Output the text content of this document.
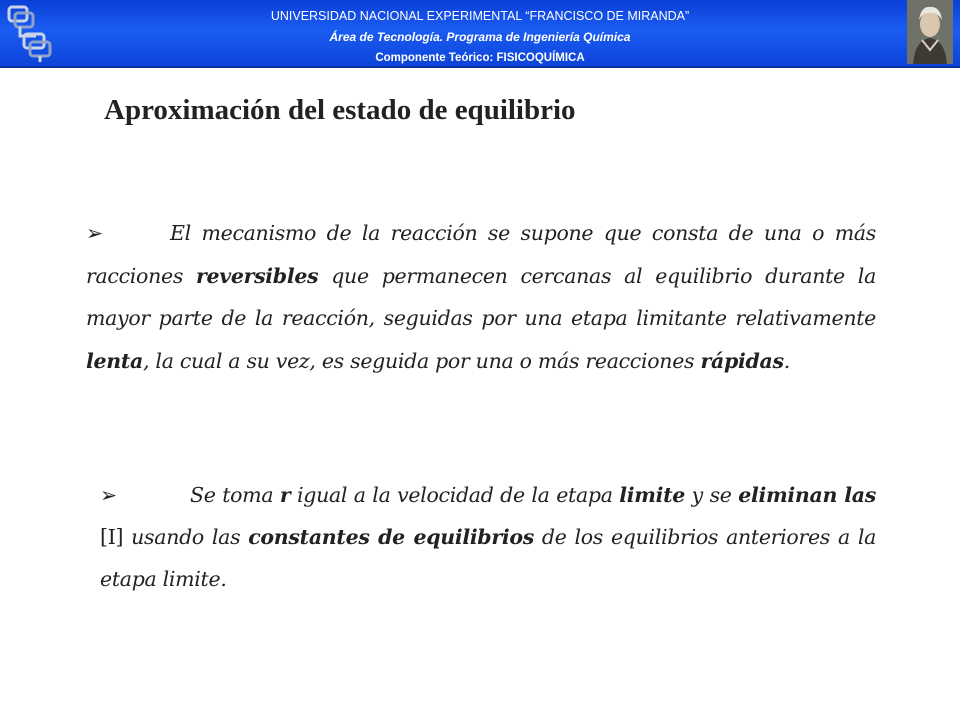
UNIVERSIDAD NACIONAL EXPERIMENTAL “FRANCISCO DE MIRANDA”
Área de Tecnología. Programa de Ingeniería Química
Componente Teórico: FISICOQUÍMICA
Aproximación del estado de equilibrio
➢	El mecanismo de la reacción se supone que consta de una o más racciones reversibles que permanecen cercanas al equilibrio durante la mayor parte de la reacción, seguidas por una etapa limitante relativamente lenta, la cual a su vez, es seguida por una o más reacciones rápidas.
➢	Se toma r igual a la velocidad de la etapa limite y se eliminan las [I] usando las constantes de equilibrios de los equilibrios anteriores a la etapa limite.
